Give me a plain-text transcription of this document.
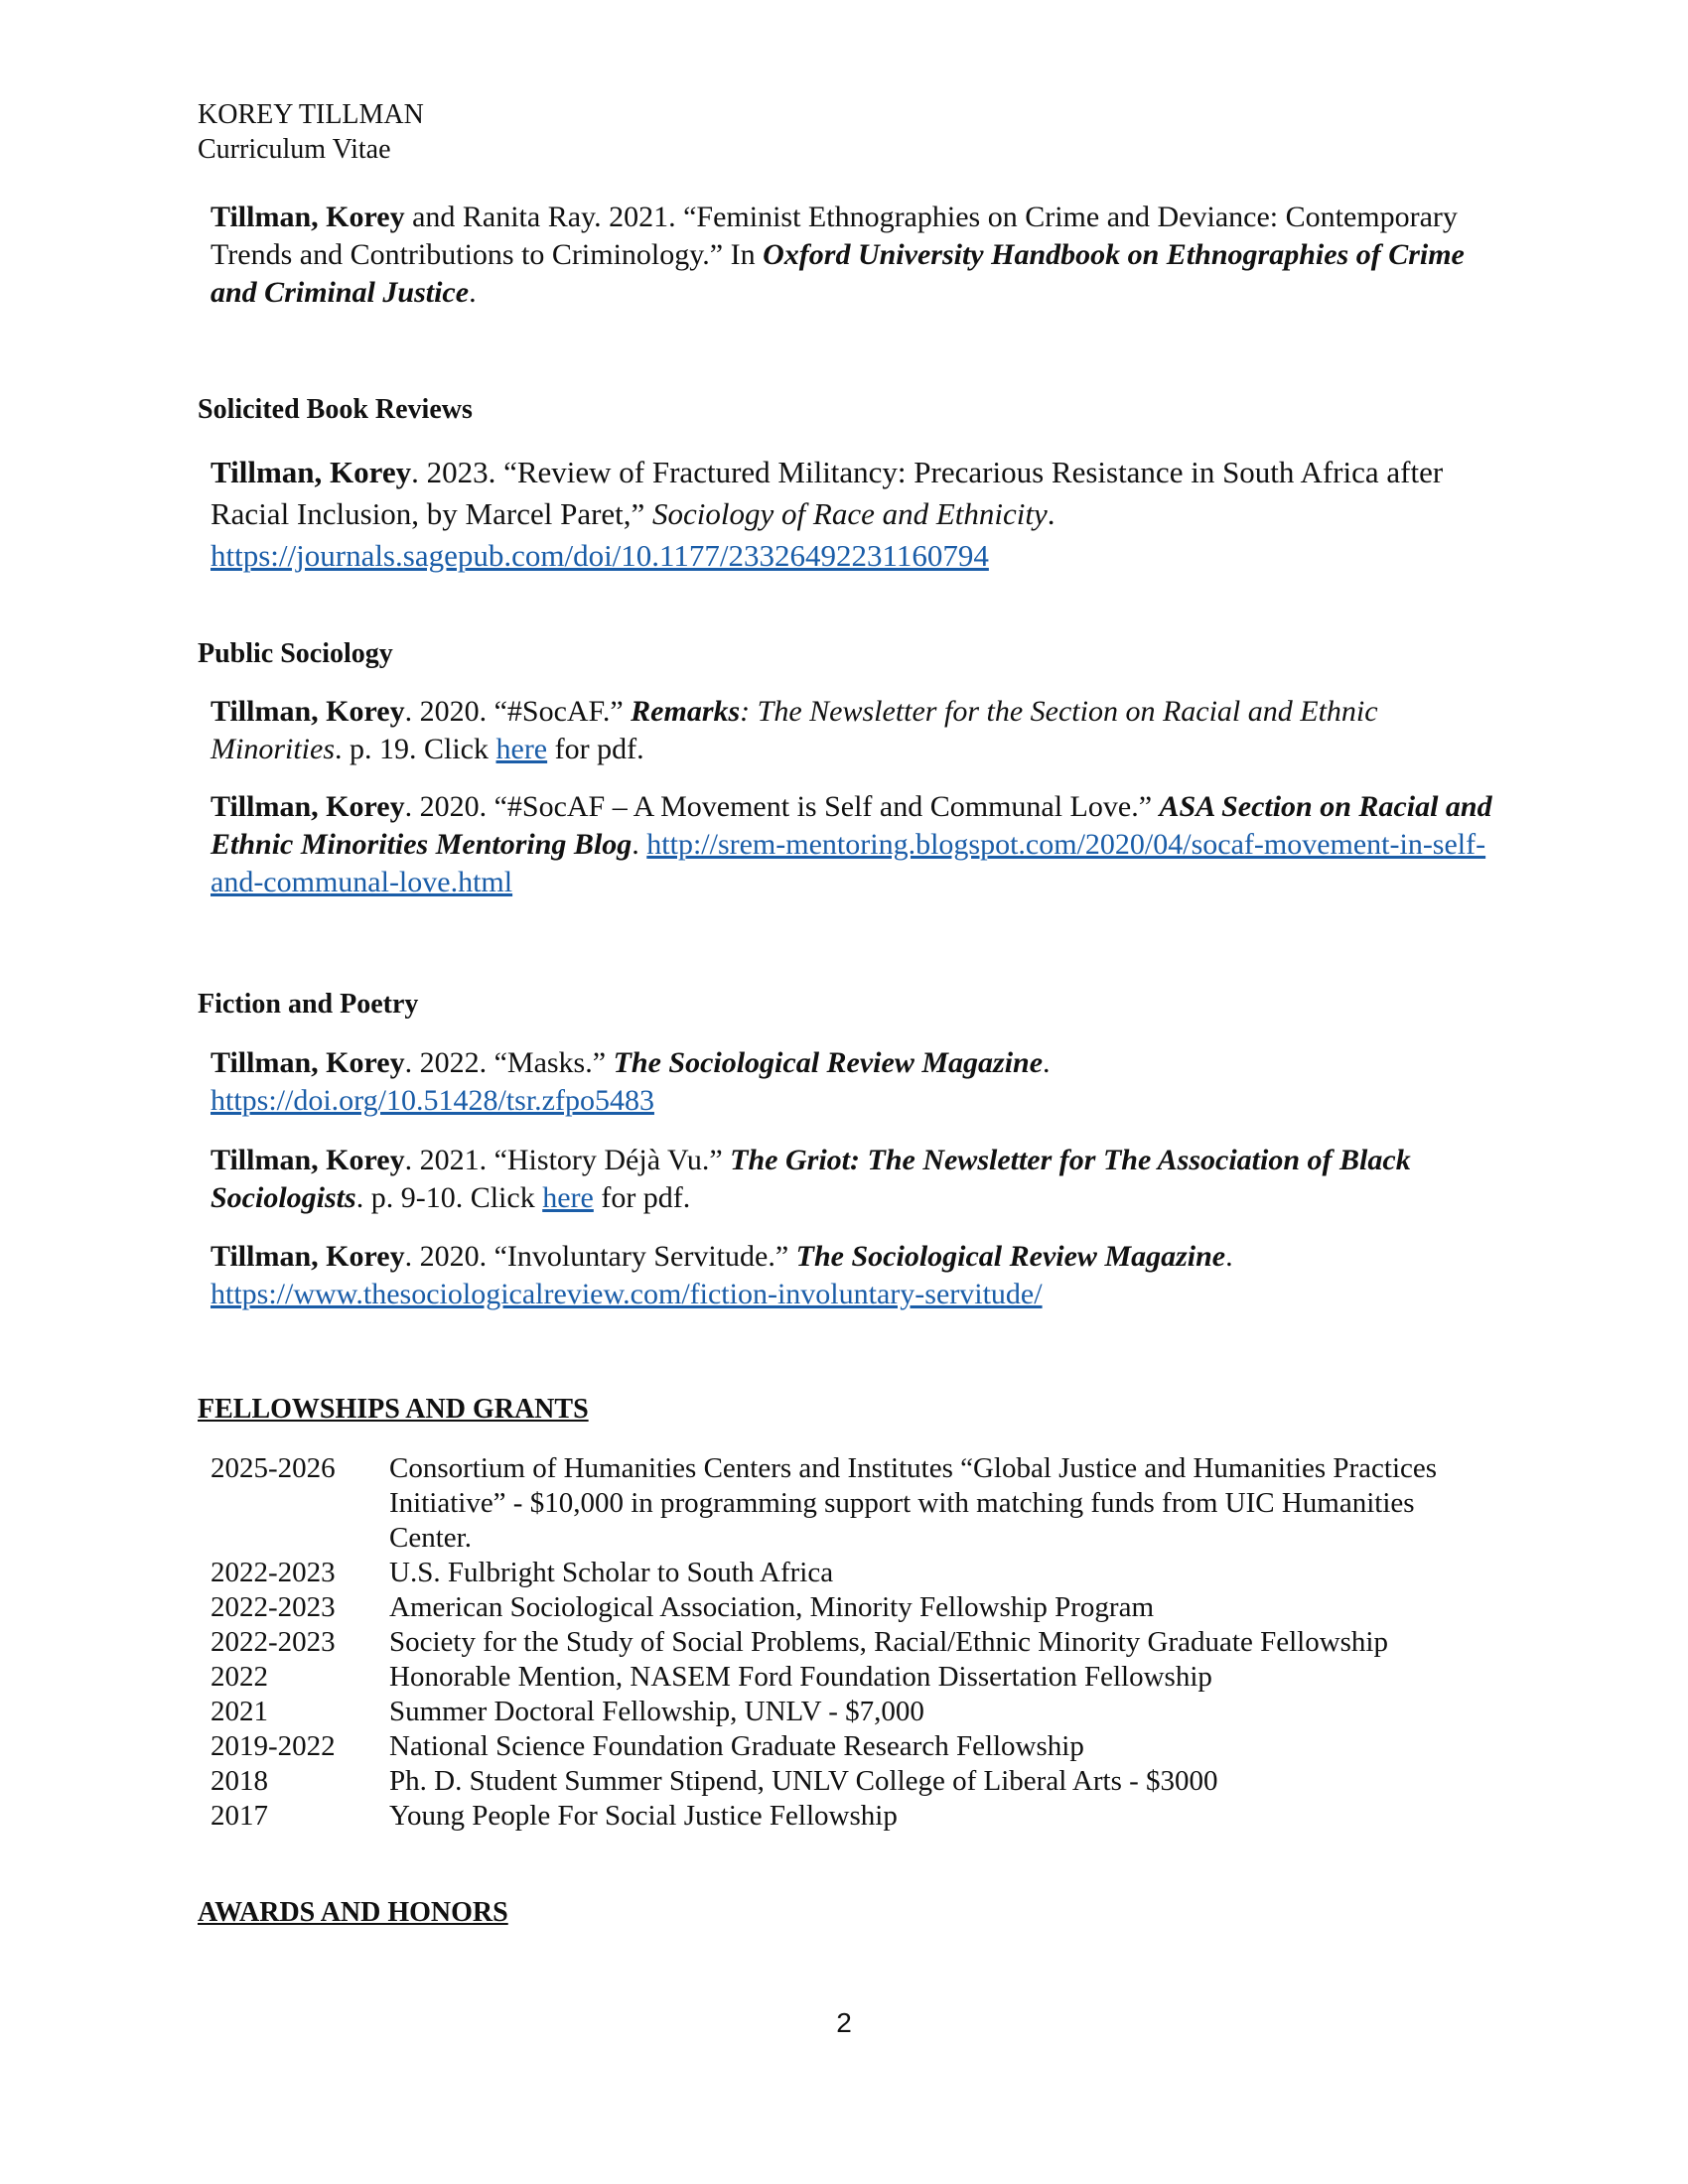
KOREY TILLMAN
Curriculum Vitae
Tillman, Korey and Ranita Ray. 2021. “Feminist Ethnographies on Crime and Deviance: Contemporary Trends and Contributions to Criminology.” In Oxford University Handbook on Ethnographies of Crime and Criminal Justice.
Solicited Book Reviews
Tillman, Korey. 2023. “Review of Fractured Militancy: Precarious Resistance in South Africa after Racial Inclusion, by Marcel Paret,” Sociology of Race and Ethnicity.
https://journals.sagepub.com/doi/10.1177/23326492231160794
Public Sociology
Tillman, Korey. 2020. “#SocAF.” Remarks: The Newsletter for the Section on Racial and Ethnic Minorities. p. 19. Click here for pdf.
Tillman, Korey. 2020. “#SocAF – A Movement is Self and Communal Love.” ASA Section on Racial and Ethnic Minorities Mentoring Blog. http://srem-mentoring.blogspot.com/2020/04/socaf-movement-in-self-and-communal-love.html
Fiction and Poetry
Tillman, Korey. 2022. “Masks.” The Sociological Review Magazine.
https://doi.org/10.51428/tsr.zfpo5483
Tillman, Korey. 2021. “History Déjà Vu.” The Griot: The Newsletter for The Association of Black Sociologists. p. 9-10. Click here for pdf.
Tillman, Korey. 2020. “Involuntary Servitude.” The Sociological Review Magazine.
https://www.thesociologicalreview.com/fiction-involuntary-servitude/
FELLOWSHIPS AND GRANTS
2025-2026	Consortium of Humanities Centers and Institutes “Global Justice and Humanities Practices Initiative” - $10,000 in programming support with matching funds from UIC Humanities Center.
2022-2023	U.S. Fulbright Scholar to South Africa
2022-2023	American Sociological Association, Minority Fellowship Program
2022-2023	Society for the Study of Social Problems, Racial/Ethnic Minority Graduate Fellowship
2022	Honorable Mention, NASEM Ford Foundation Dissertation Fellowship
2021	Summer Doctoral Fellowship, UNLV - $7,000
2019-2022	National Science Foundation Graduate Research Fellowship
2018	Ph. D. Student Summer Stipend, UNLV College of Liberal Arts - $3000
2017	Young People For Social Justice Fellowship
AWARDS AND HONORS
2
